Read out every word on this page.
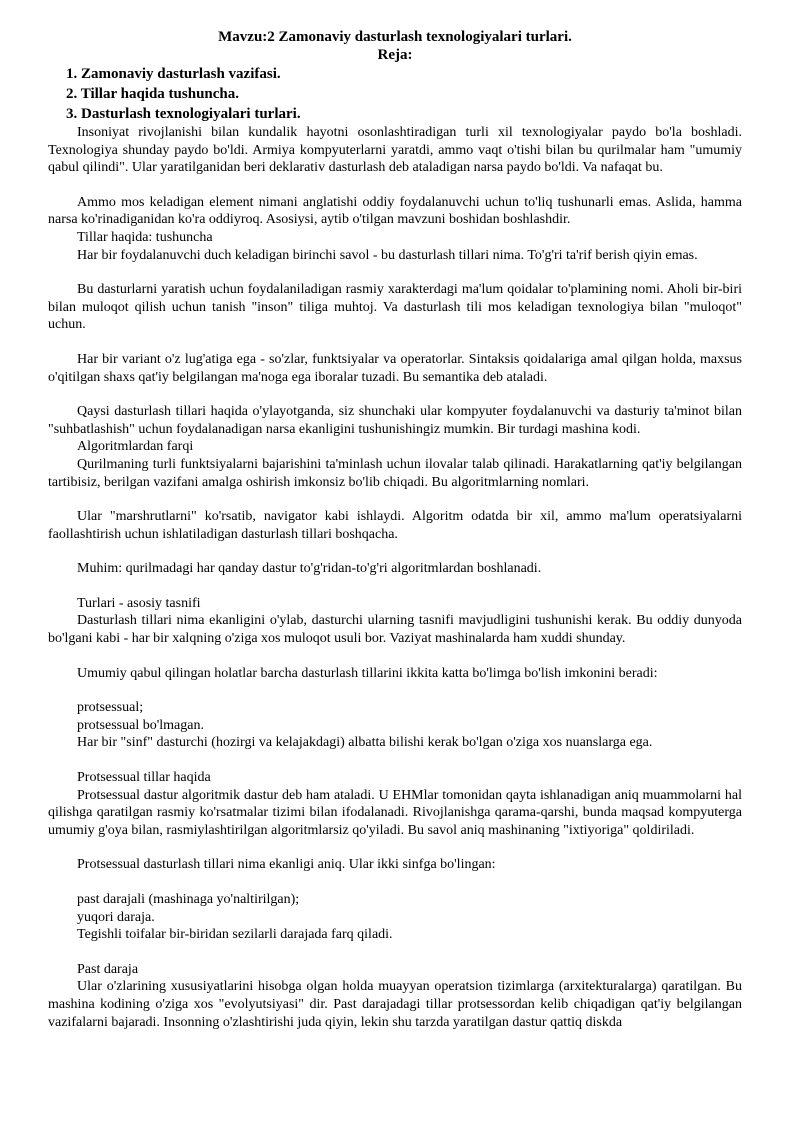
Mavzu:2 Zamonaviy dasturlash texnologiyalari turlari.
Reja:
1. Zamonaviy dasturlash vazifasi.
2. Tillar haqida tushuncha.
3. Dasturlash texnologiyalari turlari.

Insoniyat rivojlanishi bilan kundalik hayotni osonlashtiradigan turli xil texnologiyalar paydo bo'la boshladi. Texnologiya shunday paydo bo'ldi. Armiya kompyuterlarni yaratdi, ammo vaqt o'tishi bilan bu qurilmalar ham "umumiy qabul qilindi". Ular yaratilganidan beri deklarativ dasturlash deb ataladigan narsa paydo bo'ldi. Va nafaqat bu.

Ammo mos keladigan element nimani anglatishi oddiy foydalanuvchi uchun to'liq tushunarli emas. Aslida, hamma narsa ko'rinadiganidan ko'ra oddiyroq. Asosiysi, aytib o'tilgan mavzuni boshidan boshlashdir.

Tillar haqida: tushuncha

Har bir foydalanuvchi duch keladigan birinchi savol - bu dasturlash tillari nima. To'g'ri ta'rif berish qiyin emas.

Bu dasturlarni yaratish uchun foydalaniladigan rasmiy xarakterdagi ma'lum qoidalar to'plamining nomi. Aholi bir-biri bilan muloqot qilish uchun tanish "inson" tiliga muhtoj. Va dasturlash tili mos keladigan texnologiya bilan "muloqot" uchun.

Har bir variant o'z lug'atiga ega - so'zlar, funktsiyalar va operatorlar. Sintaksis qoidalariga amal qilgan holda, maxsus o'qitilgan shaxs qat'iy belgilangan ma'noga ega iboralar tuzadi. Bu semantika deb ataladi.

Qaysi dasturlash tillari haqida o'ylayotganda, siz shunchaki ular kompyuter foydalanuvchi va dasturiy ta'minot bilan "suhbatlashish" uchun foydalanadigan narsa ekanligini tushunishingiz mumkin. Bir turdagi mashina kodi.

Algoritmlardan farqi

Qurilmaning turli funktsiyalarni bajarishini ta'minlash uchun ilovalar talab qilinadi. Harakatlarning qat'iy belgilangan tartibisiz, berilgan vazifani amalga oshirish imkonsiz bo'lib chiqadi. Bu algoritmlarning nomlari.

Ular "marshrutlarni" ko'rsatib, navigator kabi ishlaydi. Algoritm odatda bir xil, ammo ma'lum operatsiyalarni faollashtirish uchun ishlatiladigan dasturlash tillari boshqacha.

Muhim: qurilmadagi har qanday dastur to'g'ridan-to'g'ri algoritmlardan boshlanadi.

Turlari - asosiy tasnifi

Dasturlash tillari nima ekanligini o'ylab, dasturchi ularning tasnifi mavjudligini tushunishi kerak. Bu oddiy dunyoda bo'lgani kabi - har bir xalqning o'ziga xos muloqot usuli bor. Vaziyat mashinalarda ham xuddi shunday.

Umumiy qabul qilingan holatlar barcha dasturlash tillarini ikkita katta bo'limga bo'lish imkonini beradi:

protsessual;

protsessual bo'lmagan.

Har bir "sinf" dasturchi (hozirgi va kelajakdagi) albatta bilishi kerak bo'lgan o'ziga xos nuanslarga ega.

Protsessual tillar haqida

Protsessual dastur algoritmik dastur deb ham ataladi. U EHMlar tomonidan qayta ishlanadigan aniq muammolarni hal qilishga qaratilgan rasmiy ko'rsatmalar tizimi bilan ifodalanadi. Rivojlanishga qarama-qarshi, bunda maqsad kompyuterga umumiy g'oya bilan, rasmiylashtirilgan algoritmlarsiz qo'yiladi. Bu savol aniq mashinaning "ixtiyoriga" qoldiriladi.

Protsessual dasturlash tillari nima ekanligi aniq. Ular ikki sinfga bo'lingan:

past darajali (mashinaga yo'naltirilgan);

yuqori daraja.

Tegishli toifalar bir-biridan sezilarli darajada farq qiladi.

Past daraja

Ular o'zlarining xususiyatlarini hisobga olgan holda muayyan operatsion tizimlarga (arxitekturalarga) qaratilgan. Bu mashina kodining o'ziga xos "evolyutsiyasi" dir. Past darajadagi tillar protsessordan kelib chiqadigan qat'iy belgilangan vazifalarni bajaradi. Insonning o'zlashtirishi juda qiyin, lekin shu tarzda yaratilgan dastur qattiq diskda
